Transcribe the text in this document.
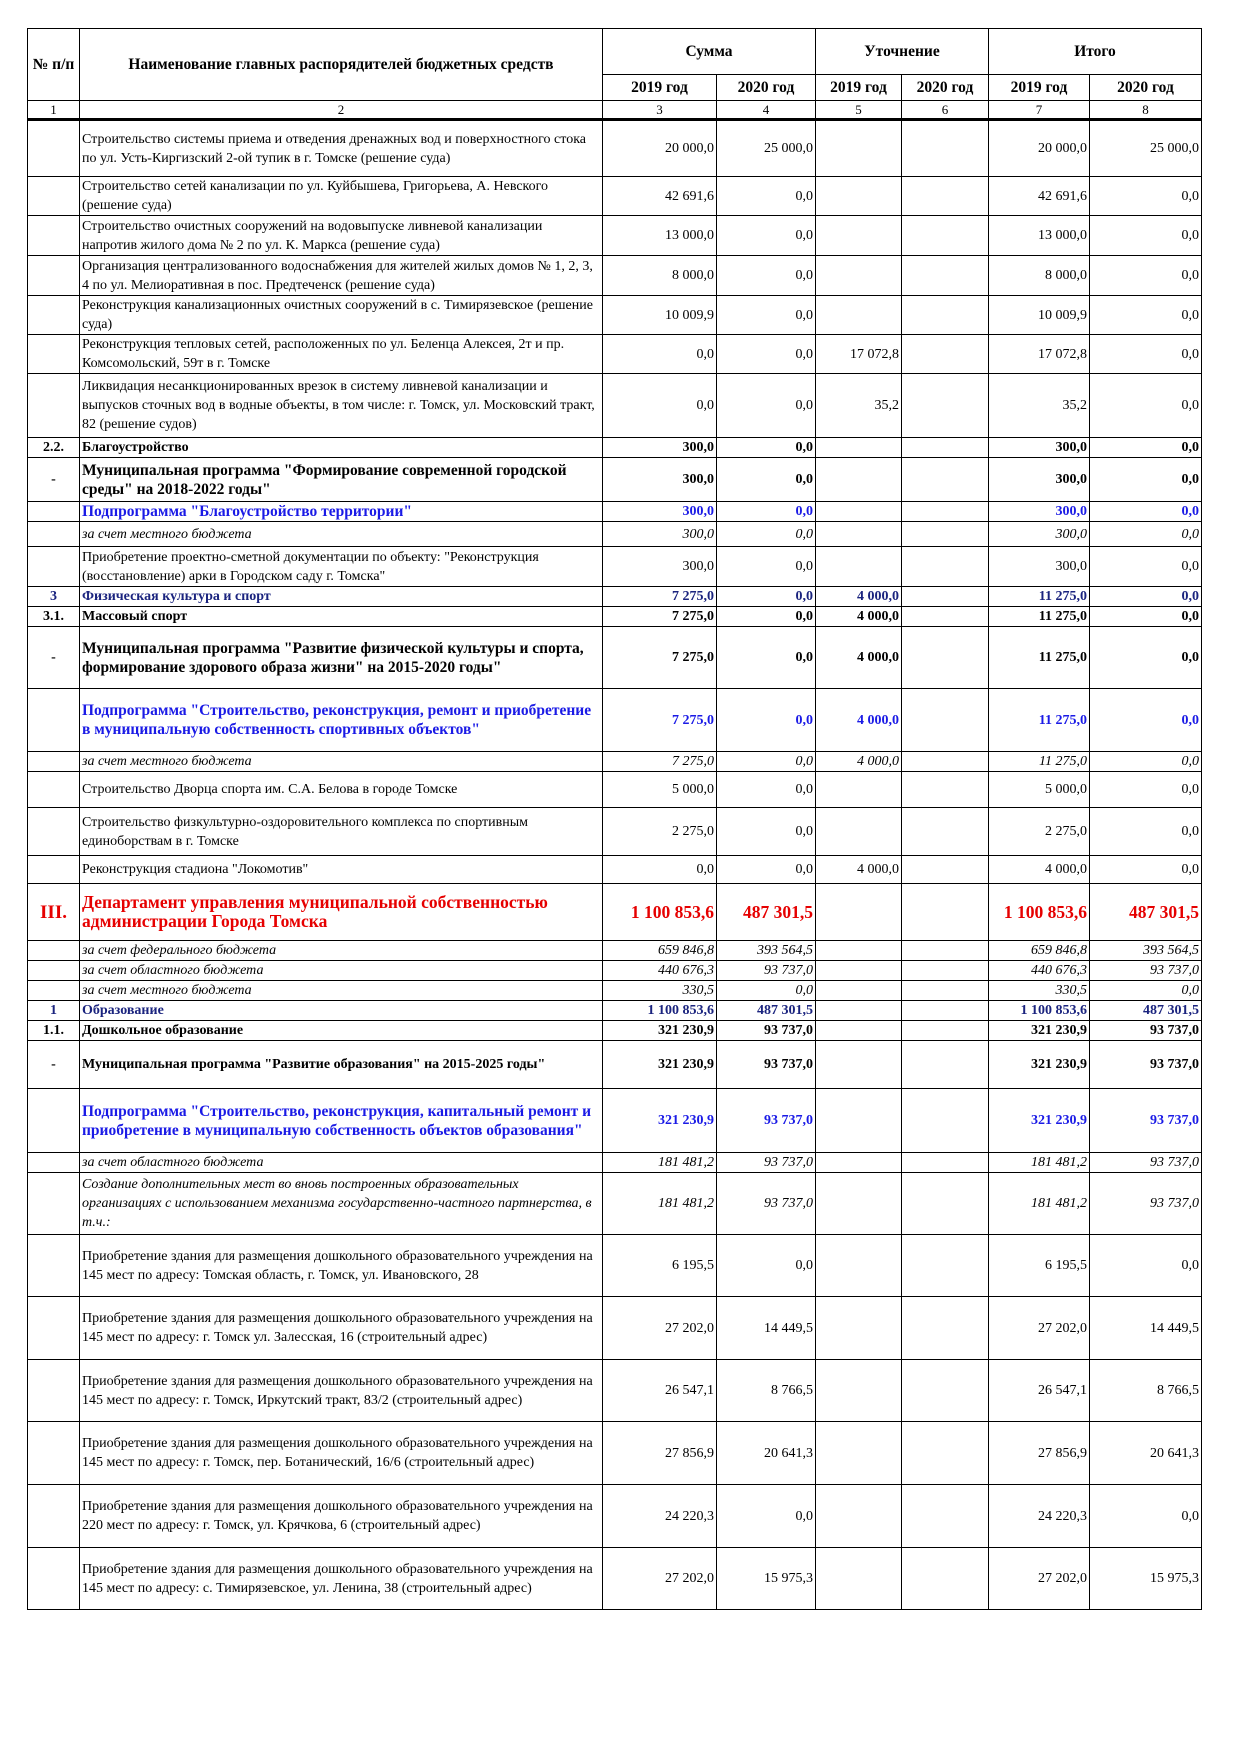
№ п/п	Наименование главных распорядителей бюджетных средств	Сумма		Уточнение		Итого	
		2019 год	2020 год	2019 год	2020 год	2019 год	2020 год
1	2	3	4	5	6	7	8
	Строительство системы приема и отведения дренажных вод и поверхностного стока по ул. Усть-Киргизский 2-ой тупик в г. Томске (решение суда)	20 000,0	25 000,0			20 000,0	25 000,0
	Строительство сетей канализации по ул. Куйбышева, Григорьева, А. Невского (решение суда)	42 691,6	0,0			42 691,6	0,0
	Строительство очистных сооружений на водовыпуске ливневой канализации напротив жилого дома № 2 по ул. К. Маркса (решение суда)	13 000,0	0,0			13 000,0	0,0
	Организация централизованного водоснабжения для жителей жилых домов № 1, 2, 3, 4 по ул. Мелиоративная в пос. Предтеченск (решение суда)	8 000,0	0,0			8 000,0	0,0
	Реконструкция канализационных очистных сооружений в с. Тимирязевское (решение суда)	10 009,9	0,0			10 009,9	0,0
	Реконструкция тепловых сетей, расположенных по ул. Беленца Алексея, 2т и пр. Комсомольский, 59т в г. Томске	0,0	0,0	17 072,8		17 072,8	0,0
	Ликвидация несанкционированных врезок в систему ливневой канализации и выпусков сточных вод в водные объекты, в том числе: г. Томск, ул. Московский тракт, 82 (решение судов)	0,0	0,0	35,2		35,2	0,0
2.2.	Благоустройство	300,0	0,0			300,0	0,0
-	Муниципальная программа "Формирование современной городской среды" на 2018-2022 годы"	300,0	0,0			300,0	0,0
	Подпрограмма "Благоустройство территории"	300,0	0,0			300,0	0,0
	за счет местного бюджета	300,0	0,0			300,0	0,0
	Приобретение проектно-сметной документации по объекту: "Реконструкция (восстановление) арки в Городском саду г. Томска"	300,0	0,0			300,0	0,0
3	Физическая культура и спорт	7 275,0	0,0	4 000,0		11 275,0	0,0
3.1.	Массовый спорт	7 275,0	0,0	4 000,0		11 275,0	0,0
-	Муниципальная программа "Развитие физической культуры и спорта, формирование здорового образа жизни" на 2015-2020 годы"	7 275,0	0,0	4 000,0		11 275,0	0,0
	Подпрограмма "Строительство, реконструкция, ремонт и приобретение в муниципальную собственность спортивных объектов"	7 275,0	0,0	4 000,0		11 275,0	0,0
	за счет местного бюджета	7 275,0	0,0	4 000,0		11 275,0	0,0
	Строительство Дворца спорта им. С.А. Белова в городе Томске	5 000,0	0,0			5 000,0	0,0
	Строительство физкультурно-оздоровительного комплекса по спортивным единоборствам в г. Томске	2 275,0	0,0			2 275,0	0,0
	Реконструкция стадиона "Локомотив"	0,0	0,0	4 000,0		4 000,0	0,0
III.	Департамент управления муниципальной собственностью администрации Города Томска	1 100 853,6	487 301,5			1 100 853,6	487 301,5
	за счет федерального бюджета	659 846,8	393 564,5			659 846,8	393 564,5
	за счет областного бюджета	440 676,3	93 737,0			440 676,3	93 737,0
	за счет местного бюджета	330,5	0,0			330,5	0,0
1	Образование	1 100 853,6	487 301,5			1 100 853,6	487 301,5
1.1.	Дошкольное образование	321 230,9	93 737,0			321 230,9	93 737,0
-	Муниципальная программа "Развитие образования" на 2015-2025 годы"	321 230,9	93 737,0			321 230,9	93 737,0
	Подпрограмма "Строительство, реконструкция, капитальный ремонт и приобретение в муниципальную собственность объектов образования"	321 230,9	93 737,0			321 230,9	93 737,0
	за счет областного бюджета	181 481,2	93 737,0			181 481,2	93 737,0
	Создание дополнительных мест во вновь построенных образовательных организациях с использованием механизма государственно-частного партнерства, в т.ч.:	181 481,2	93 737,0			181 481,2	93 737,0
	Приобретение здания для размещения дошкольного образовательного учреждения на 145 мест по адресу: Томская область, г. Томск, ул. Ивановского, 28	6 195,5	0,0			6 195,5	0,0
	Приобретение здания для размещения дошкольного образовательного учреждения на 145 мест по адресу: г. Томск ул. Залесская, 16 (строительный адрес)	27 202,0	14 449,5			27 202,0	14 449,5
	Приобретение здания для размещения дошкольного образовательного учреждения на 145 мест по адресу: г. Томск, Иркутский тракт, 83/2 (строительный адрес)	26 547,1	8 766,5			26 547,1	8 766,5
	Приобретение здания для размещения дошкольного образовательного учреждения на 145 мест по адресу: г. Томск, пер. Ботанический, 16/6 (строительный адрес)	27 856,9	20 641,3			27 856,9	20 641,3
	Приобретение здания для размещения дошкольного образовательного учреждения на 220 мест по адресу: г. Томск, ул. Крячкова, 6 (строительный адрес)	24 220,3	0,0			24 220,3	0,0
	Приобретение здания для размещения дошкольного образовательного учреждения на 145 мест по адресу: с. Тимирязевское, ул. Ленина, 38 (строительный адрес)	27 202,0	15 975,3			27 202,0	15 975,3
